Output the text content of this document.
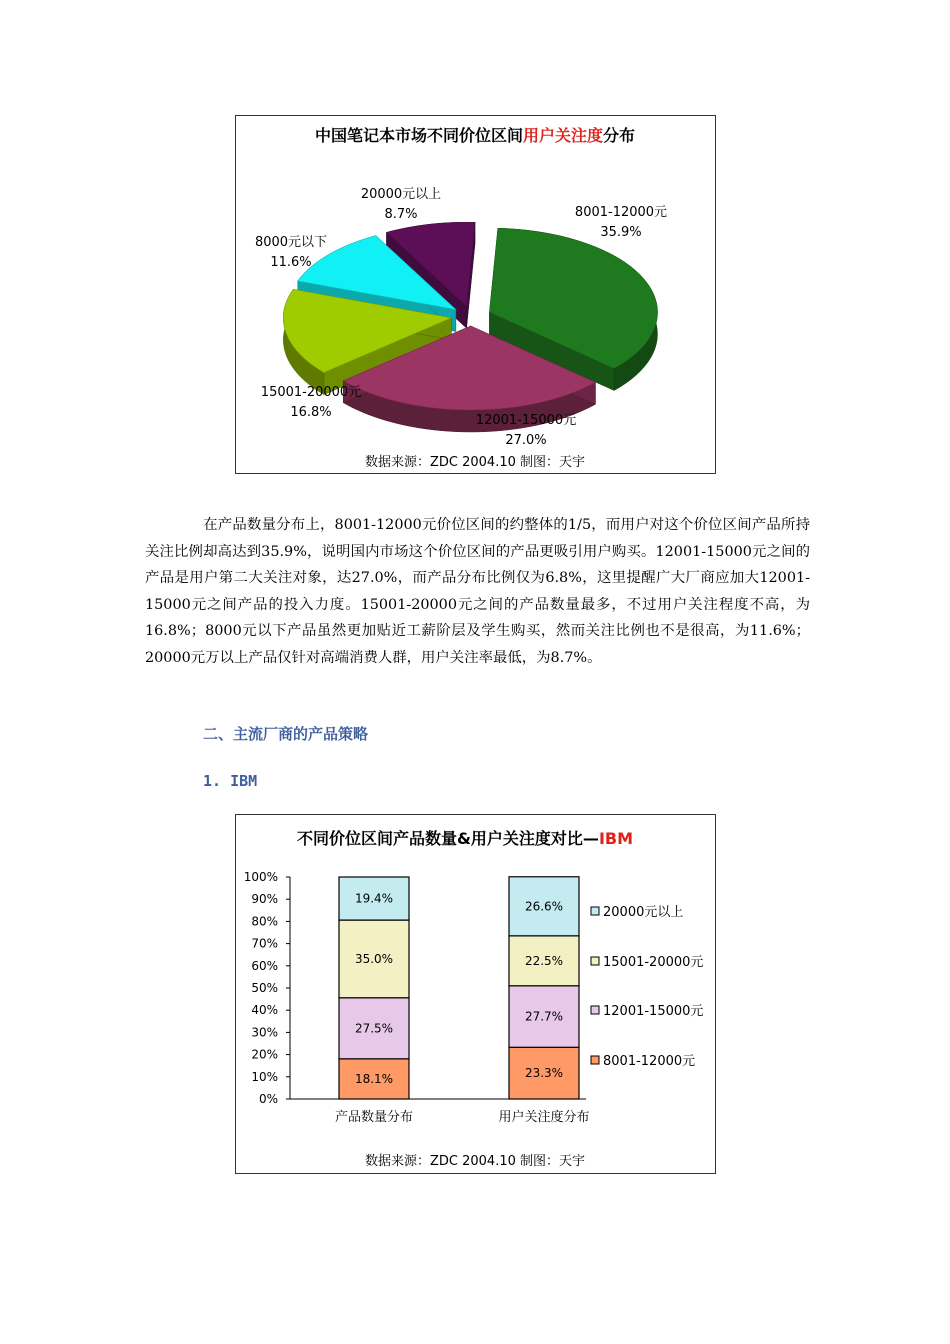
中国笔记本市场不同价位区间用户关注度分布
8001-12000元
35.9%
12001-15000元
27.0%
15001-20000元
16.8%
8000元以下
11.6%
20000元以上
8.7%
数据来源：ZDC 2004.10 制图：天宇

在产品数量分布上，8001-12000元价位区间的约整体的1/5，而用户对这个价位区间产品所持关注比例却高达到35.9%，说明国内市场这个价位区间的产品更吸引用户购买。12001-15000元之间的产品是用户第二大关注对象，达27.0%，而产品分布比例仅为6.8%，这里提醒广大厂商应加大12001-15000元之间产品的投入力度。15001-20000元之间的产品数量最多，不过用户关注程度不高，为16.8%；8000元以下产品虽然更加贴近工薪阶层及学生购买，然而关注比例也不是很高，为11.6%；20000元万以上产品仅针对高端消费人群，用户关注率最低，为8.7%。

二、主流厂商的产品策略
1. IBM
不同价位区间产品数量&用户关注度对比—IBM
0%
10%
20%
30%
40%
50%
60%
70%
80%
90%
100%
产品数量分布	用户关注度分布
18.1%
27.5%
35.0%
19.4%
23.3%
27.7%
22.5%
26.6%
8001-12000元
12001-15000元
15001-20000元
20000元以上
数据来源：ZDC 2004.10 制图：天宇
